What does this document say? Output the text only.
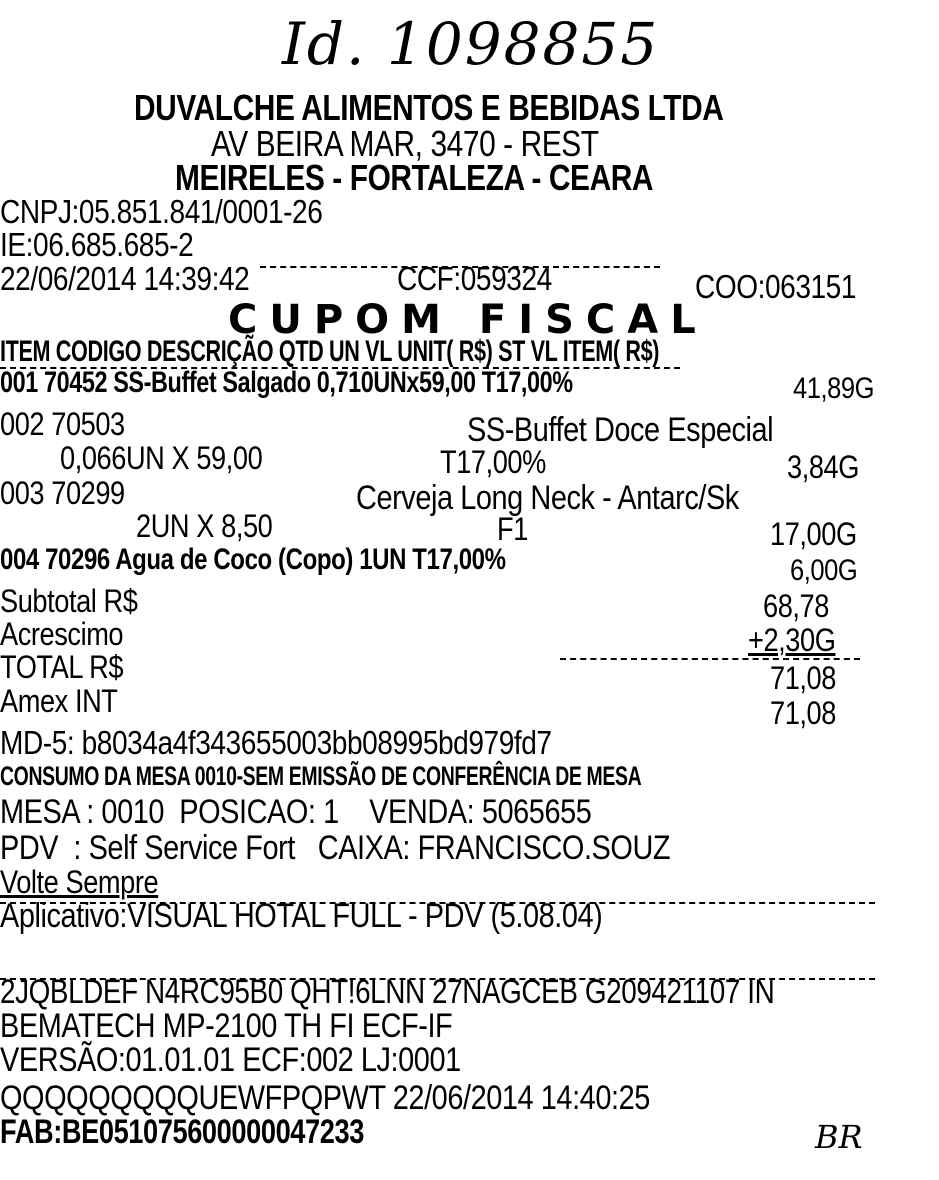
Id. 1098855
DUVALCHE ALIMENTOS E BEBIDAS LTDA
AV BEIRA MAR, 3470 - REST
MEIRELES - FORTALEZA - CEARA
CNPJ:05.851.841/0001-26
IE:06.685.685-2
22/06/2014 14:39:42	CCF:059324	COO:063151
CUPOM FISCAL
ITEM CODIGO DESCRIÇÃO QTD UN VL UNIT( R$) ST VL ITEM( R$)
001 70452 SS-Buffet Salgado 0,710UNx59,00 T17,00%	41,89G
002 70503	SS-Buffet Doce Especial
0,066UN X 59,00	T17,00%	3,84G
003 70299	Cerveja Long Neck - Antarc/Sk
2UN X 8,50	F1	17,00G
004 70296 Agua de Coco (Copo) 1UN T17,00%	6,00G
Subtotal R$	68,78
Acrescimo	+2,30G
TOTAL R$	71,08
Amex INT	71,08
MD-5: b8034a4f343655003bb08995bd979fd7
CONSUMO DA MESA 0010-SEM EMISSÃO DE CONFERÊNCIA DE MESA
MESA : 0010  POSICAO: 1    VENDA: 5065655
PDV  : Self Service Fort   CAIXA: FRANCISCO.SOUZ
Volte Sempre
Aplicativo:VISUAL HOTAL FULL - PDV (5.08.04)
2JQBLDEF N4RC95B0 QHT!6LNN 27NAGCEB G209421107 IN
BEMATECH MP-2100 TH FI ECF-IF
VERSÃO:01.01.01 ECF:002 LJ:0001
QQQQQQQQQUEWFPQPWT 22/06/2014 14:40:25
FAB:BE051075600000047233	BR
